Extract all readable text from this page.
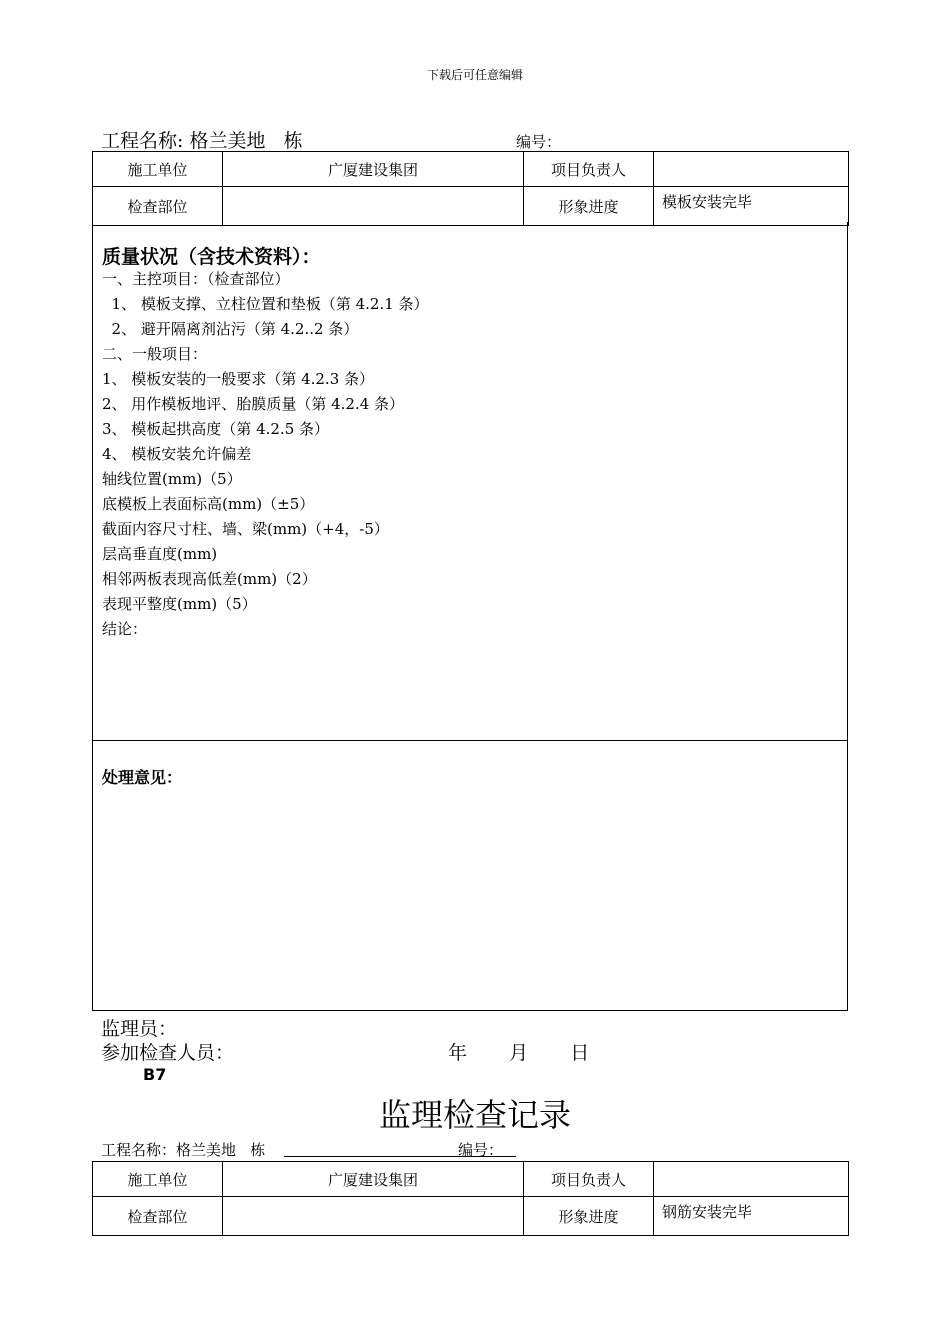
下载后可任意编辑
工程名称: 格兰美地   栋	编号：
施工单位	广厦建设集团	项目负责人	
检查部位		形象进度	模板安装完毕
质量状况（含技术资料）：
一、主控项目：（检查部位）
1、 模板支撑、立柱位置和垫板（第 4.2.1 条）
2、 避开隔离剂沾污（第 4.2..2 条）
二、一般项目：
1、 模板安装的一般要求（第 4.2.3 条）
2、 用作模板地评、胎膜质量（第 4.2.4 条）
3、 模板起拱高度（第 4.2.5 条）
4、 模板安装允许偏差
轴线位置(mm)（5）
底模板上表面标高(mm)（±5）
截面内容尺寸柱、墙、梁(mm)（+4，-5）
层高垂直度(mm)
相邻两板表现高低差(mm)（2）
表现平整度(mm)（5）
结论：
处理意见：
监理员：
参加检查人员：	年   月   日
B7
监理检查记录
工程名称：格兰美地   栋	编号：
施工单位	广厦建设集团	项目负责人	
检查部位		形象进度	钢筋安装完毕
